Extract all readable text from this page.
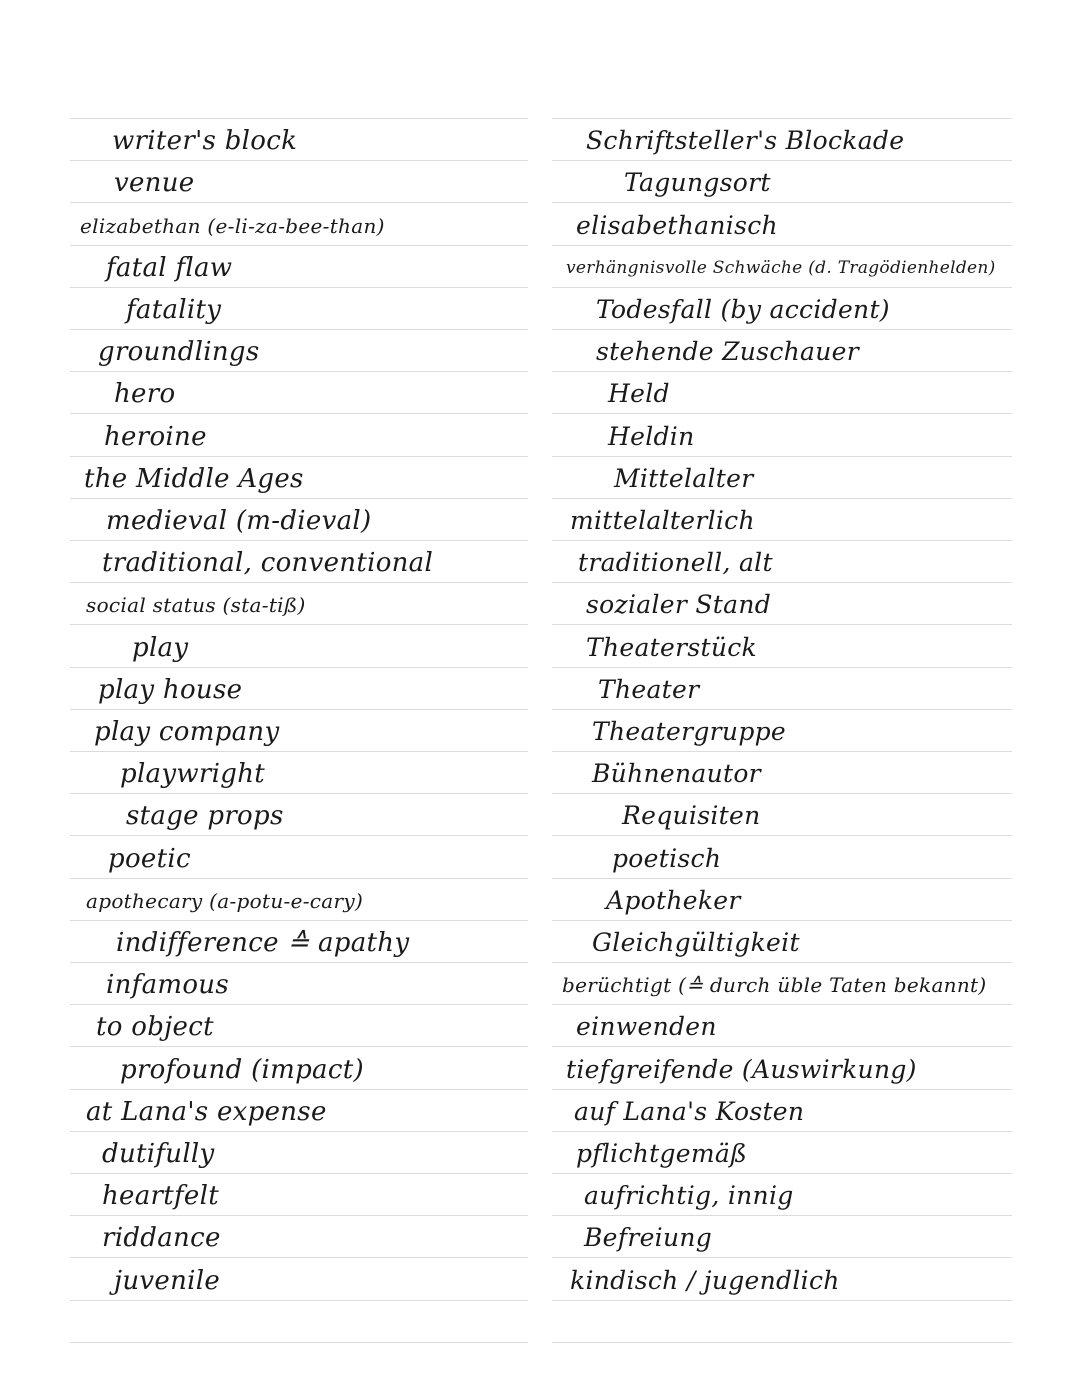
writer's block
venue
elizabethan (e-li-za-bee-than)
fatal flaw
fatality
groundlings
hero
heroine
the Middle Ages
medieval (m-dieval)
traditional, conventional
social status (sta-tiß)
play
play house
play company
playwright
stage props
poetic
apothecary (a-potu-e-cary)
indifference ≙ apathy
infamous
to object
profound (impact)
at Lana's expense
dutifully
heartfelt
riddance
juvenile
Schriftsteller's Blockade
Tagungsort
elisabethanisch
verhängnisvolle Schwäche (d. Tragödienhelden)
Todesfall (by accident)
stehende Zuschauer
Held
Heldin
Mittelalter
mittelalterlich
traditionell, alt
sozialer Stand
Theaterstück
Theater
Theatergruppe
Bühnenautor
Requisiten
poetisch
Apotheker
Gleichgültigkeit
berüchtigt (≙ durch üble Taten bekannt)
einwenden
tiefgreifende (Auswirkung)
auf Lana's Kosten
pflichtgemäß
aufrichtig, innig
Befreiung
kindisch / jugendlich
